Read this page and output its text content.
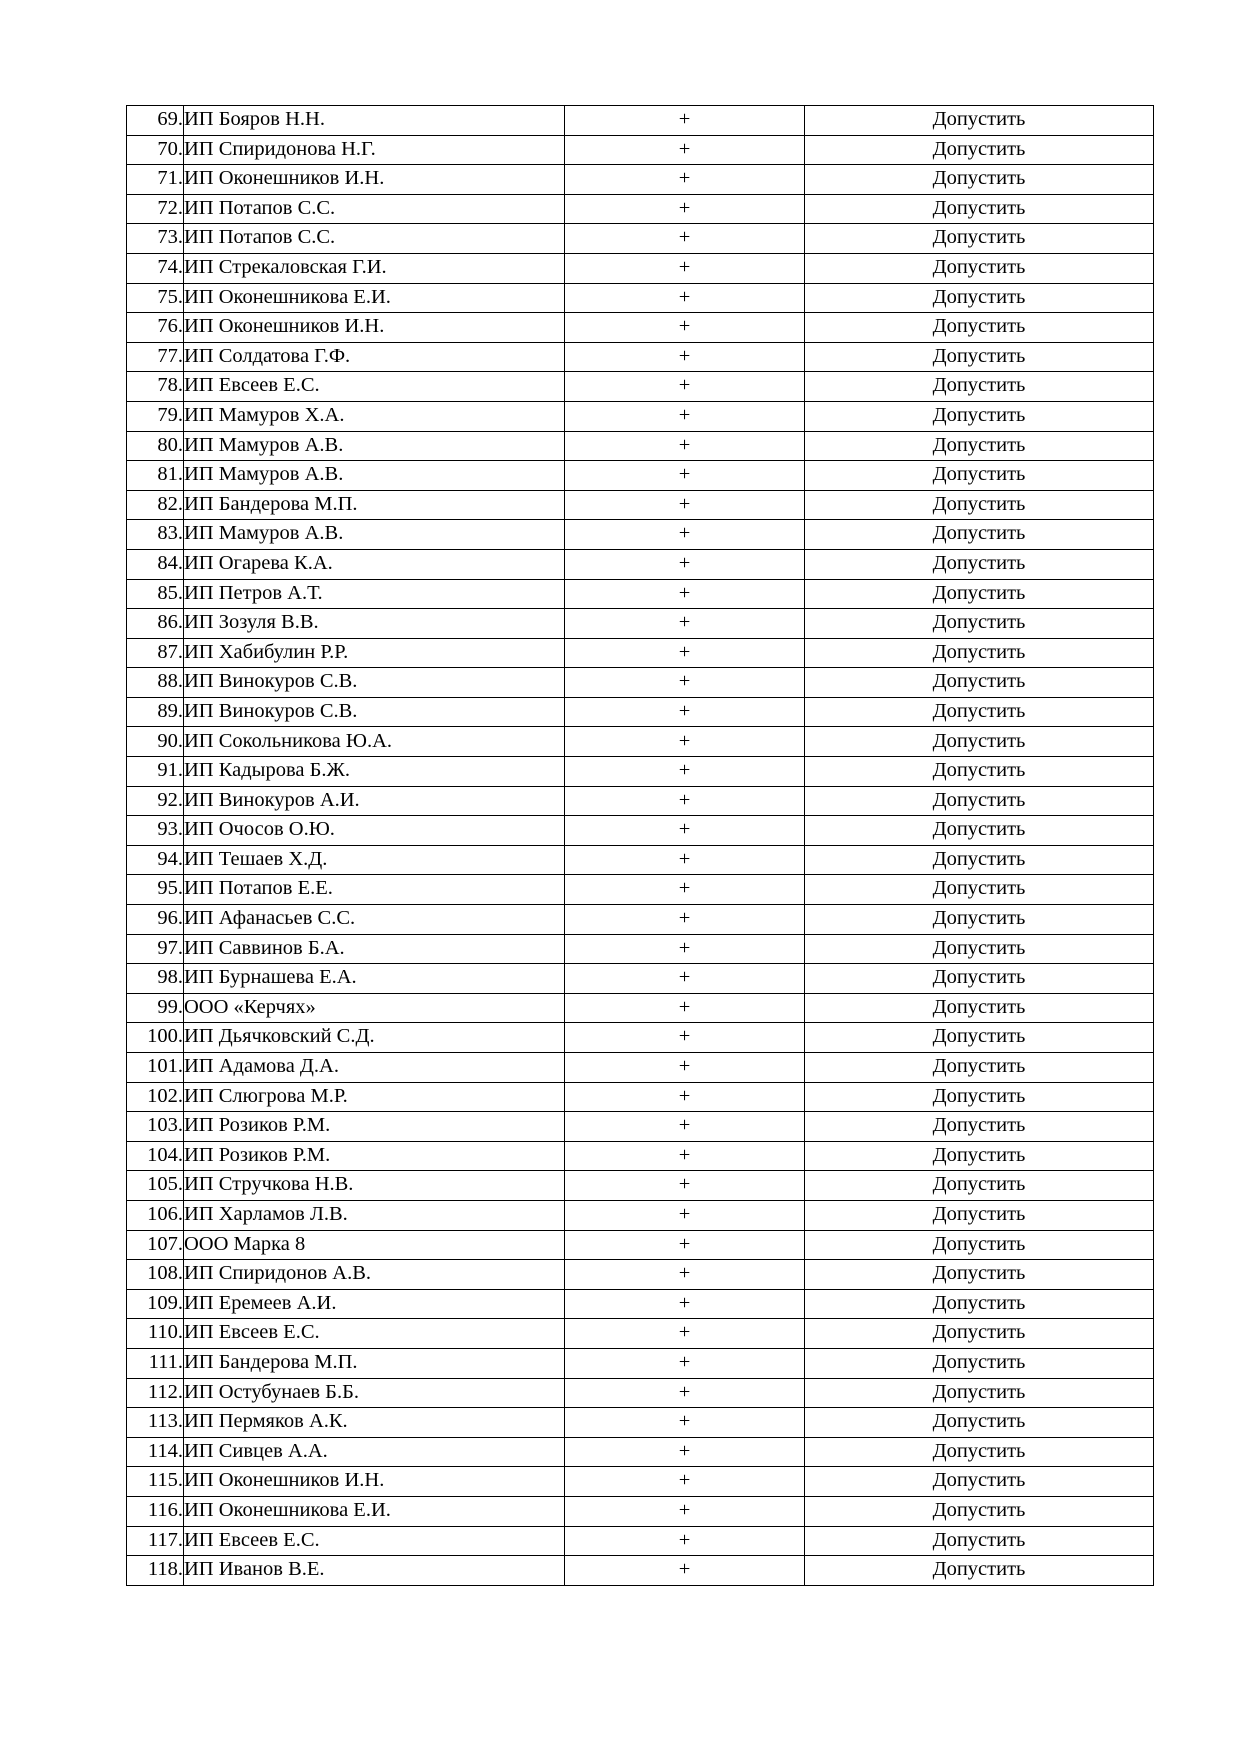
69.	ИП Бояров Н.Н.	+	Допустить
70.	ИП Спиридонова Н.Г.	+	Допустить
71.	ИП Оконешников И.Н.	+	Допустить
72.	ИП Потапов С.С.	+	Допустить
73.	ИП Потапов С.С.	+	Допустить
74.	ИП Стрекаловская Г.И.	+	Допустить
75.	ИП Оконешникова Е.И.	+	Допустить
76.	ИП Оконешников И.Н.	+	Допустить
77.	ИП Солдатова Г.Ф.	+	Допустить
78.	ИП Евсеев Е.С.	+	Допустить
79.	ИП Мамуров Х.А.	+	Допустить
80.	ИП Мамуров А.В.	+	Допустить
81.	ИП Мамуров А.В.	+	Допустить
82.	ИП Бандерова М.П.	+	Допустить
83.	ИП Мамуров А.В.	+	Допустить
84.	ИП Огарева К.А.	+	Допустить
85.	ИП Петров А.Т.	+	Допустить
86.	ИП Зозуля В.В.	+	Допустить
87.	ИП Хабибулин Р.Р.	+	Допустить
88.	ИП Винокуров С.В.	+	Допустить
89.	ИП Винокуров С.В.	+	Допустить
90.	ИП Сокольникова Ю.А.	+	Допустить
91.	ИП Кадырова Б.Ж.	+	Допустить
92.	ИП Винокуров А.И.	+	Допустить
93.	ИП Очосов О.Ю.	+	Допустить
94.	ИП Тешаев Х.Д.	+	Допустить
95.	ИП Потапов Е.Е.	+	Допустить
96.	ИП Афанасьев С.С.	+	Допустить
97.	ИП Саввинов Б.А.	+	Допустить
98.	ИП Бурнашева Е.А.	+	Допустить
99.	ООО «Керчях»	+	Допустить
100.	ИП Дьячковский С.Д.	+	Допустить
101.	ИП Адамова Д.А.	+	Допустить
102.	ИП Слюгрова М.Р.	+	Допустить
103.	ИП Розиков Р.М.	+	Допустить
104.	ИП Розиков Р.М.	+	Допустить
105.	ИП Стручкова Н.В.	+	Допустить
106.	ИП Харламов Л.В.	+	Допустить
107.	ООО Марка 8	+	Допустить
108.	ИП Спиридонов А.В.	+	Допустить
109.	ИП Еремеев А.И.	+	Допустить
110.	ИП Евсеев Е.С.	+	Допустить
111.	ИП Бандерова М.П.	+	Допустить
112.	ИП Остубунаев Б.Б.	+	Допустить
113.	ИП Пермяков А.К.	+	Допустить
114.	ИП Сивцев А.А.	+	Допустить
115.	ИП Оконешников И.Н.	+	Допустить
116.	ИП Оконешникова Е.И.	+	Допустить
117.	ИП Евсеев Е.С.	+	Допустить
118.	ИП Иванов В.Е.	+	Допустить
